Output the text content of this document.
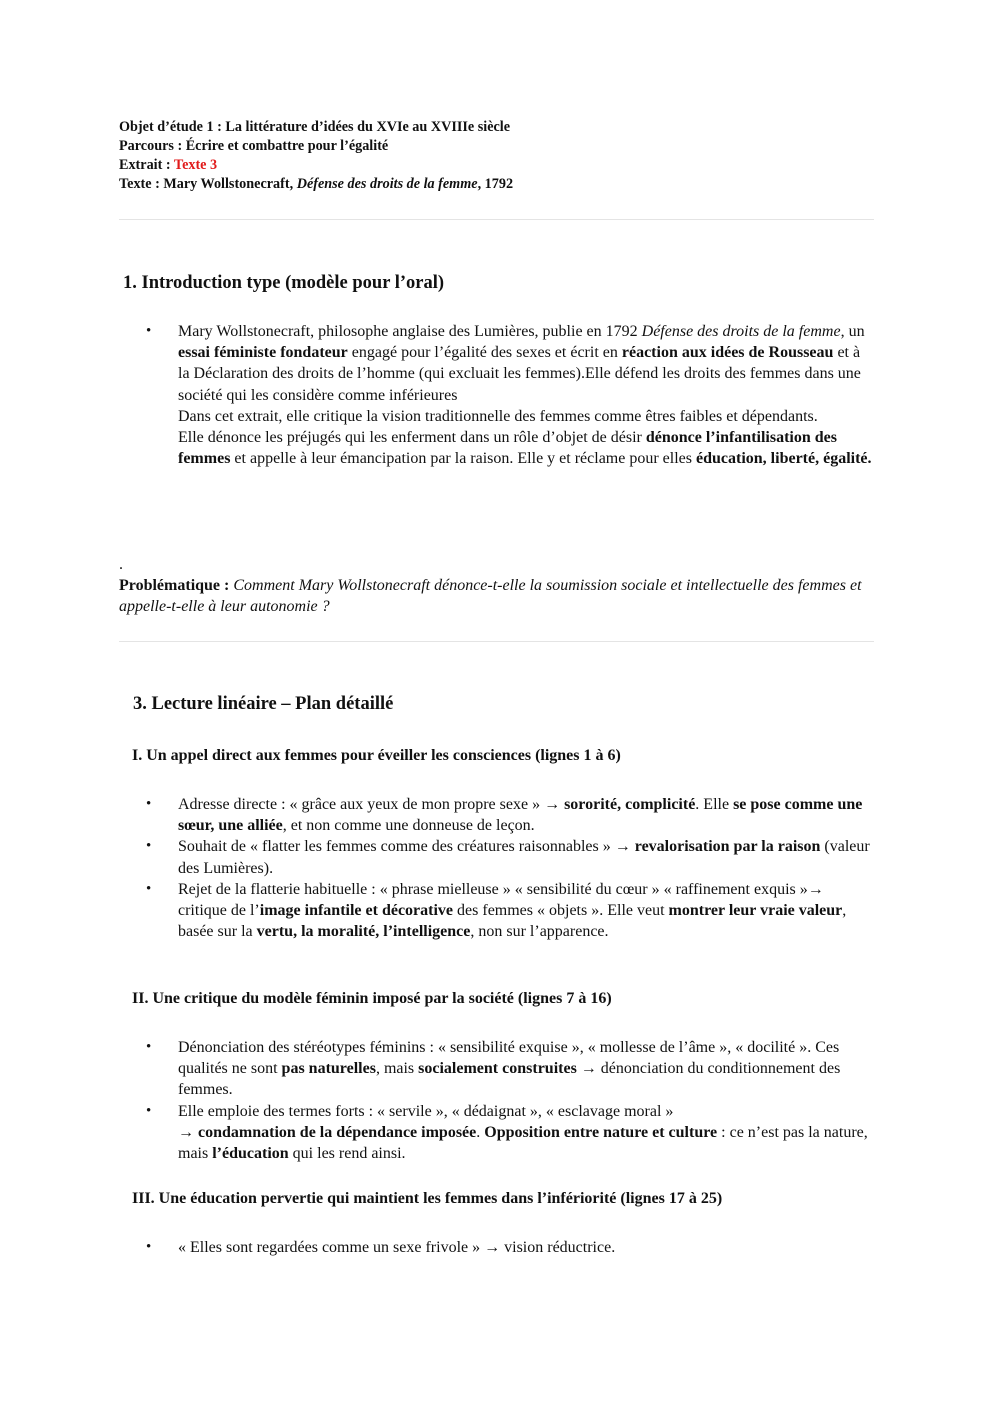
Objet d’étude 1 : La littérature d’idées du XVIe au XVIIIe siècle
Parcours : Écrire et combattre pour l’égalité
Extrait : Texte 3
Texte : Mary Wollstonecraft, Défense des droits de la femme, 1792
1. Introduction type (modèle pour l’oral)
• Mary Wollstonecraft, philosophe anglaise des Lumières, publie en 1792 Défense des droits de la femme, un essai féministe fondateur engagé pour l’égalité des sexes et écrit en réaction aux idées de Rousseau et à la Déclaration des droits de l’homme (qui excluait les femmes).Elle défend les droits des femmes dans une société qui les considère comme inférieures
Dans cet extrait, elle critique la vision traditionnelle des femmes comme êtres faibles et dépendants.
Elle dénonce les préjugés qui les enferment dans un rôle d’objet de désir dénonce l’infantilisation des femmes et appelle à leur émancipation par la raison. Elle y et réclame pour elles éducation, liberté, égalité.
.
Problématique : Comment Mary Wollstonecraft dénonce-t-elle la soumission sociale et intellectuelle des femmes et appelle-t-elle à leur autonomie ?
3. Lecture linéaire – Plan détaillé
I. Un appel direct aux femmes pour éveiller les consciences (lignes 1 à 6)
• Adresse directe : « grâce aux yeux de mon propre sexe » → sororité, complicité. Elle se pose comme une sœur, une alliée, et non comme une donneuse de leçon.
• Souhait de « flatter les femmes comme des créatures raisonnables » → revalorisation par la raison (valeur des Lumières).
• Rejet de la flatterie habituelle : « phrase mielleuse » « sensibilité du cœur » « raffinement exquis »→ critique de l’image infantile et décorative des femmes « objets ». Elle veut montrer leur vraie valeur, basée sur la vertu, la moralité, l’intelligence, non sur l’apparence.
II. Une critique du modèle féminin imposé par la société (lignes 7 à 16)
• Dénonciation des stéréotypes féminins : « sensibilité exquise », « mollesse de l’âme », « docilité ». Ces qualités ne sont pas naturelles, mais socialement construites → dénonciation du conditionnement des femmes.
• Elle emploie des termes forts : « servile », « dédaignat », « esclavage moral »
→ condamnation de la dépendance imposée. Opposition entre nature et culture : ce n’est pas la nature, mais l’éducation qui les rend ainsi.
III. Une éducation pervertie qui maintient les femmes dans l’infériorité (lignes 17 à 25)
• « Elles sont regardées comme un sexe frivole » → vision réductrice.
